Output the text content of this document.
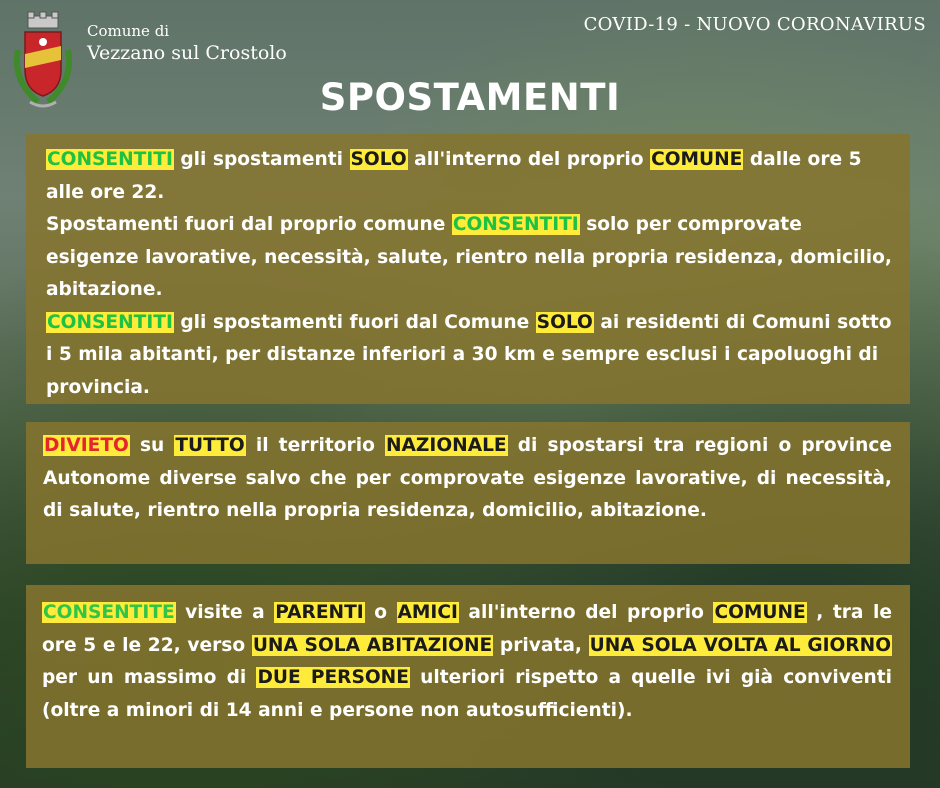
Comune di
Vezzano sul Crostolo
COVID-19 - NUOVO CORONAVIRUS
SPOSTAMENTI

CONSENTITI gli spostamenti SOLO all'interno del proprio COMUNE dalle ore 5 alle ore 22.

Spostamenti fuori dal proprio comune CONSENTITI solo per comprovate esigenze lavorative, necessità, salute, rientro nella propria residenza, domicilio, abitazione.

CONSENTITI gli spostamenti fuori dal Comune SOLO ai residenti di Comuni sotto i 5 mila abitanti, per distanze inferiori a 30 km e sempre esclusi i capoluoghi di provincia.

DIVIETO su TUTTO il territorio NAZIONALE di spostarsi tra regioni o province Autonome diverse salvo che per comprovate esigenze lavorative, di necessità, di salute, rientro nella propria residenza, domicilio, abitazione.

CONSENTITE visite a PARENTI o AMICI all'interno del proprio COMUNE , tra le ore 5 e le 22, verso UNA SOLA ABITAZIONE privata, UNA SOLA VOLTA AL GIORNO per un massimo di DUE PERSONE ulteriori rispetto a quelle ivi già conviventi (oltre a minori di 14 anni e persone non autosufficienti).
